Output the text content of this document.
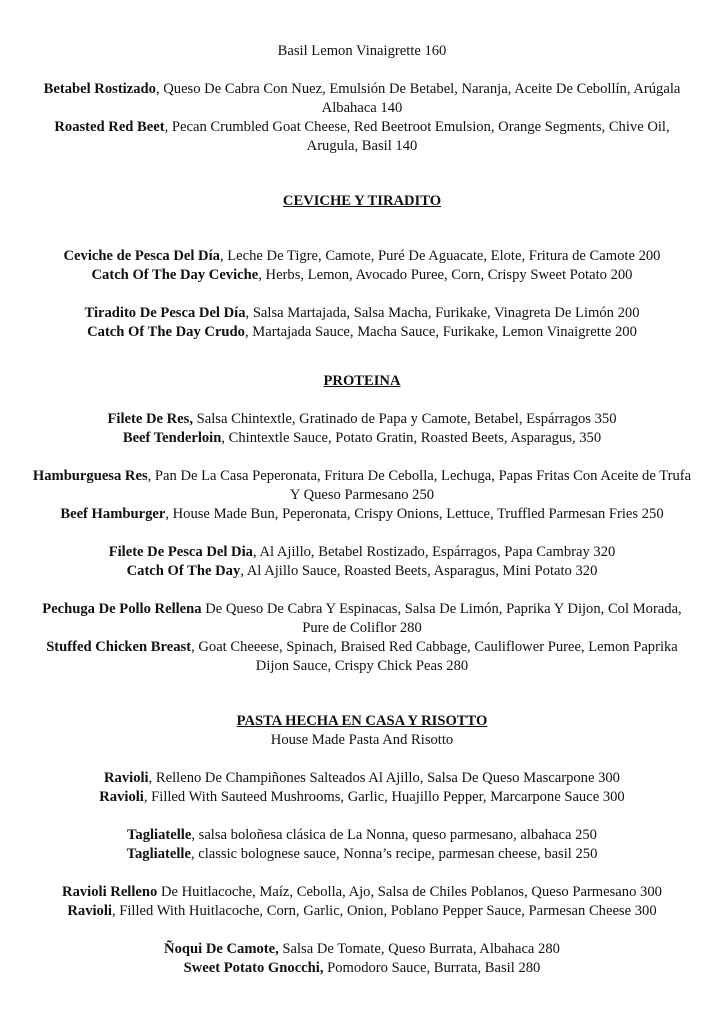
Basil Lemon Vinaigrette 160
Betabel Rostizado, Queso De Cabra Con Nuez, Emulsión De Betabel, Naranja, Aceite De Cebollín, Arúgala Albahaca 140
Roasted Red Beet, Pecan Crumbled Goat Cheese, Red Beetroot Emulsion, Orange Segments, Chive Oil, Arugula, Basil 140
CEVICHE Y TIRADITO
Ceviche de Pesca Del Día, Leche De Tigre, Camote, Puré De Aguacate, Elote, Fritura de Camote 200
Catch Of The Day Ceviche, Herbs, Lemon, Avocado Puree, Corn, Crispy Sweet Potato 200
Tiradito De Pesca Del Día, Salsa Martajada, Salsa Macha, Furikake, Vinagreta De Limón 200
Catch Of The Day Crudo, Martajada Sauce, Macha Sauce, Furikake, Lemon Vinaigrette 200
PROTEINA
Filete De Res, Salsa Chintextle, Gratinado de Papa y Camote, Betabel, Espárragos 350
Beef Tenderloin, Chintextle Sauce, Potato Gratin, Roasted Beets, Asparagus, 350
Hamburguesa Res, Pan De La Casa Peperonata, Fritura De Cebolla, Lechuga, Papas Fritas Con Aceite de Trufa Y Queso Parmesano 250
Beef Hamburger, House Made Bun, Peperonata, Crispy Onions, Lettuce, Truffled Parmesan Fries 250
Filete De Pesca Del Dia, Al Ajillo, Betabel Rostizado, Espárragos, Papa Cambray 320
Catch Of The Day, Al Ajillo Sauce, Roasted Beets, Asparagus, Mini Potato 320
Pechuga De Pollo Rellena De Queso De Cabra Y Espinacas, Salsa De Limón, Paprika Y Dijon, Col Morada, Pure de Coliflor 280
Stuffed Chicken Breast, Goat Cheeese, Spinach, Braised Red Cabbage, Cauliflower Puree, Lemon Paprika Dijon Sauce, Crispy Chick Peas 280
PASTA HECHA EN CASA Y RISOTTO
House Made Pasta And Risotto
Ravioli, Relleno De Champiñones Salteados Al Ajillo, Salsa De Queso Mascarpone 300
Ravioli, Filled With Sauteed Mushrooms, Garlic, Huajillo Pepper, Marcarpone Sauce 300
Tagliatelle, salsa boloñesa clásica de La Nonna, queso parmesano, albahaca 250
Tagliatelle, classic bolognese sauce, Nonna’s recipe, parmesan cheese, basil 250
Ravioli Relleno De Huitlacoche, Maíz, Cebolla, Ajo, Salsa de Chiles Poblanos, Queso Parmesano 300
Ravioli, Filled With Huitlacoche, Corn, Garlic, Onion, Poblano Pepper Sauce, Parmesan Cheese 300
Ñoqui De Camote, Salsa De Tomate, Queso Burrata, Albahaca 280
Sweet Potato Gnocchi, Pomodoro Sauce, Burrata, Basil 280
